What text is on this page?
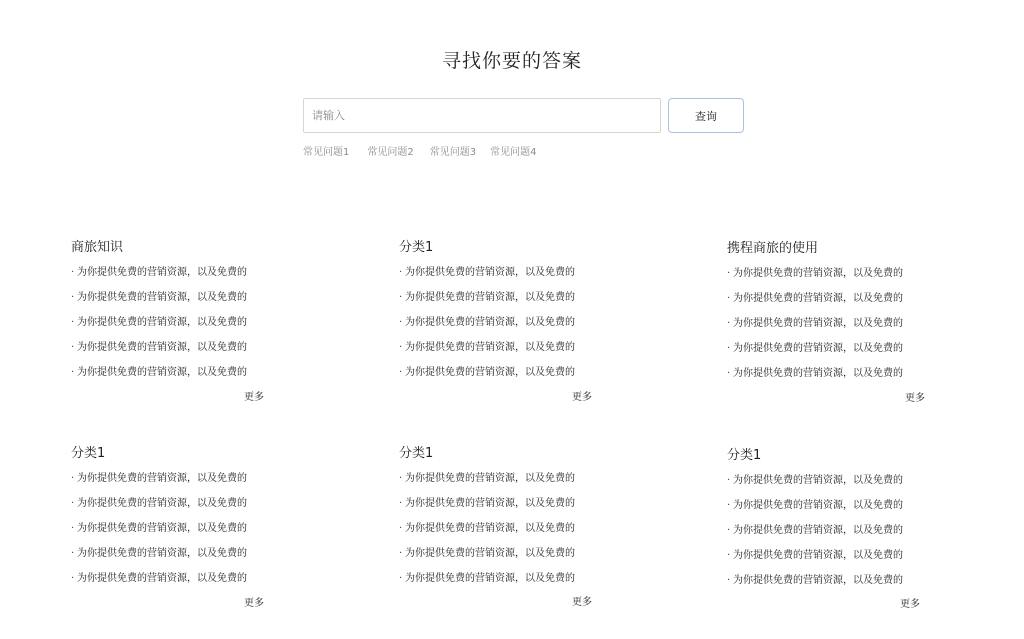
寻找你要的答案
请输入
查询
常见问题1 常见问题2 常见问题3 常见问题4
商旅知识
· 为你提供免费的营销资源，以及免费的
· 为你提供免费的营销资源，以及免费的
· 为你提供免费的营销资源，以及免费的
· 为你提供免费的营销资源，以及免费的
· 为你提供免费的营销资源，以及免费的
更多
分类1
· 为你提供免费的营销资源，以及免费的
· 为你提供免费的营销资源，以及免费的
· 为你提供免费的营销资源，以及免费的
· 为你提供免费的营销资源，以及免费的
· 为你提供免费的营销资源，以及免费的
更多
携程商旅的使用
· 为你提供免费的营销资源，以及免费的
· 为你提供免费的营销资源，以及免费的
· 为你提供免费的营销资源，以及免费的
· 为你提供免费的营销资源，以及免费的
· 为你提供免费的营销资源，以及免费的
更多
分类1
· 为你提供免费的营销资源，以及免费的
· 为你提供免费的营销资源，以及免费的
· 为你提供免费的营销资源，以及免费的
· 为你提供免费的营销资源，以及免费的
· 为你提供免费的营销资源，以及免费的
更多
分类1
· 为你提供免费的营销资源，以及免费的
· 为你提供免费的营销资源，以及免费的
· 为你提供免费的营销资源，以及免费的
· 为你提供免费的营销资源，以及免费的
· 为你提供免费的营销资源，以及免费的
更多
分类1
· 为你提供免费的营销资源，以及免费的
· 为你提供免费的营销资源，以及免费的
· 为你提供免费的营销资源，以及免费的
· 为你提供免费的营销资源，以及免费的
· 为你提供免费的营销资源，以及免费的
更多
